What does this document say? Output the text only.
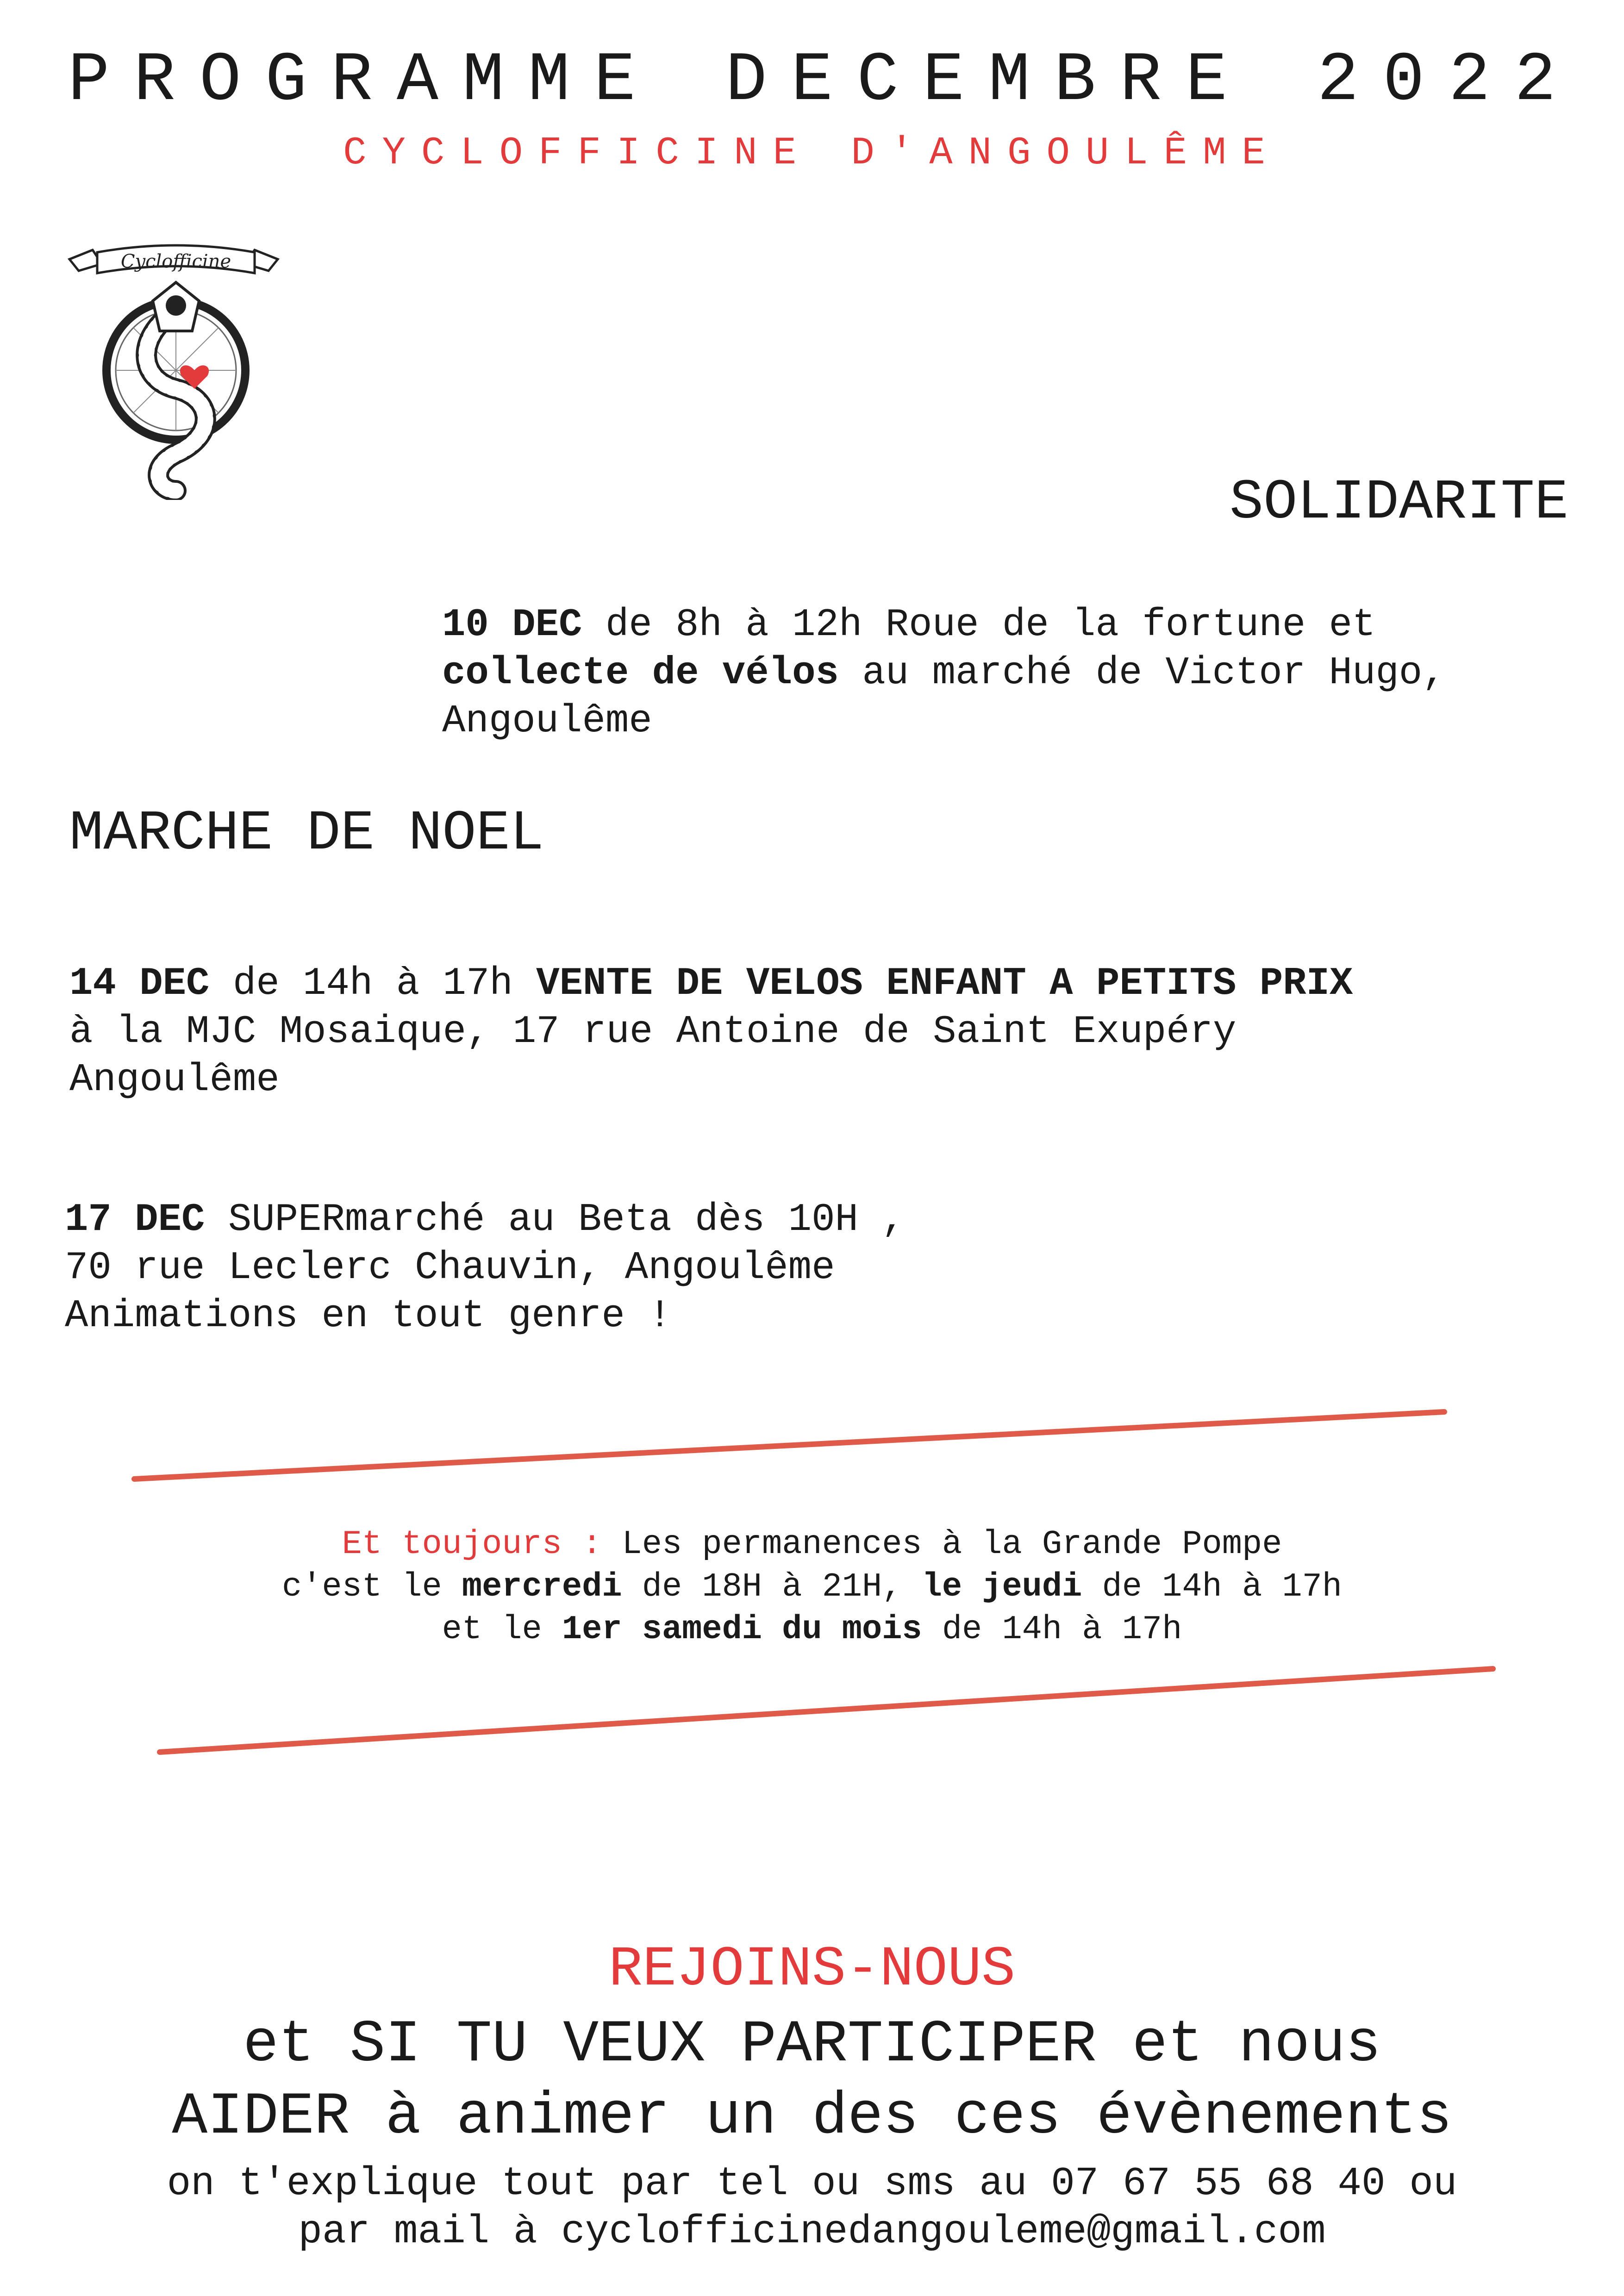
PROGRAMME DECEMBRE 2022
CYCLOFFICINE D'ANGOULÊME
Cyclofficine
SOLIDARITE

10 DEC de 8h à 12h Roue de la fortune et
collecte de vélos au marché de Victor Hugo,
Angoulême
MARCHE DE NOEL

14 DEC de 14h à 17h VENTE DE VELOS ENFANT A PETITS PRIX
à la MJC Mosaique, 17 rue Antoine de Saint Exupéry
Angoulême

17 DEC SUPERmarché au Beta dès 10H ,
70 rue Leclerc Chauvin, Angoulême
Animations en tout genre !
Et toujours : Les permanences à la Grande Pompe
c'est le mercredi de 18H à 21H, le jeudi de 14h à 17h
et le 1er samedi du mois de 14h à 17h
REJOINS-NOUS
et SI TU VEUX PARTICIPER et nous
AIDER à animer un des ces évènements
on t'explique tout par tel ou sms au 07 67 55 68 40 ou
par mail à cyclofficinedangouleme@gmail.com
